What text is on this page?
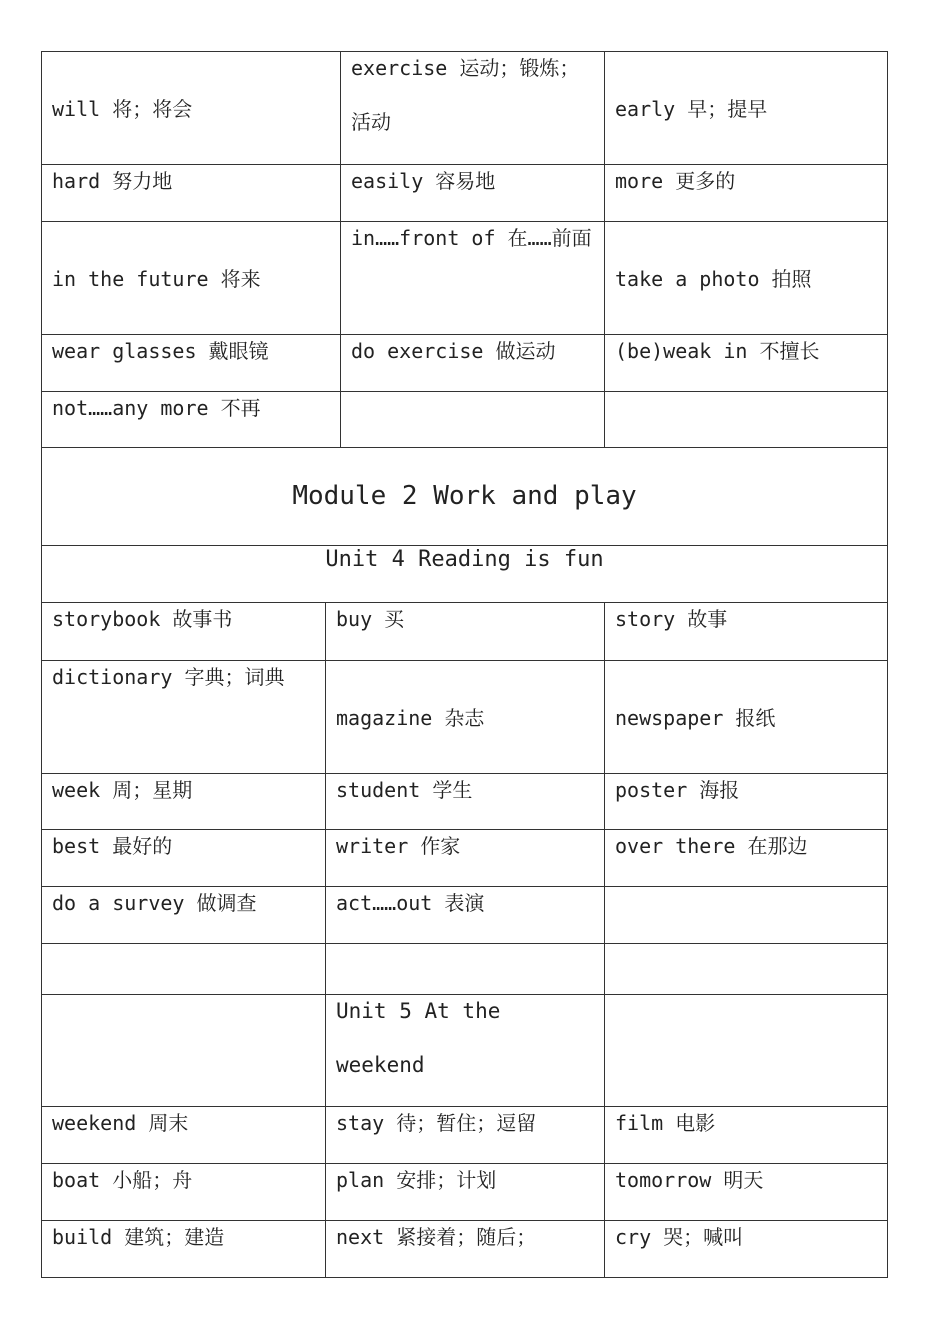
will 将；将会	exercise 运动；锻炼；活动	early 早；提早

hard 努力地	easily 容易地	more 更多的

in the future 将来	in……front of 在……前面	take a photo 拍照

wear glasses 戴眼镜	do exercise 做运动	(be)weak in 不擅长

not……any more 不再		

Module 2 Work and play		
Unit 4 Reading is fun		
storybook 故事书	buy 买	story 故事

dictionary 字典；词典	magazine 杂志	newspaper 报纸

week 周；星期	student 学生	poster 海报

best 最好的	writer 作家	over there 在那边

do a survey 做调查	act……out 表演	

	Unit 5 At the weekend	

weekend 周末	stay 待；暂住；逗留	film 电影

boat 小船；舟	plan 安排；计划	tomorrow 明天

build 建筑；建造	next 紧接着；随后；	cry 哭；喊叫
